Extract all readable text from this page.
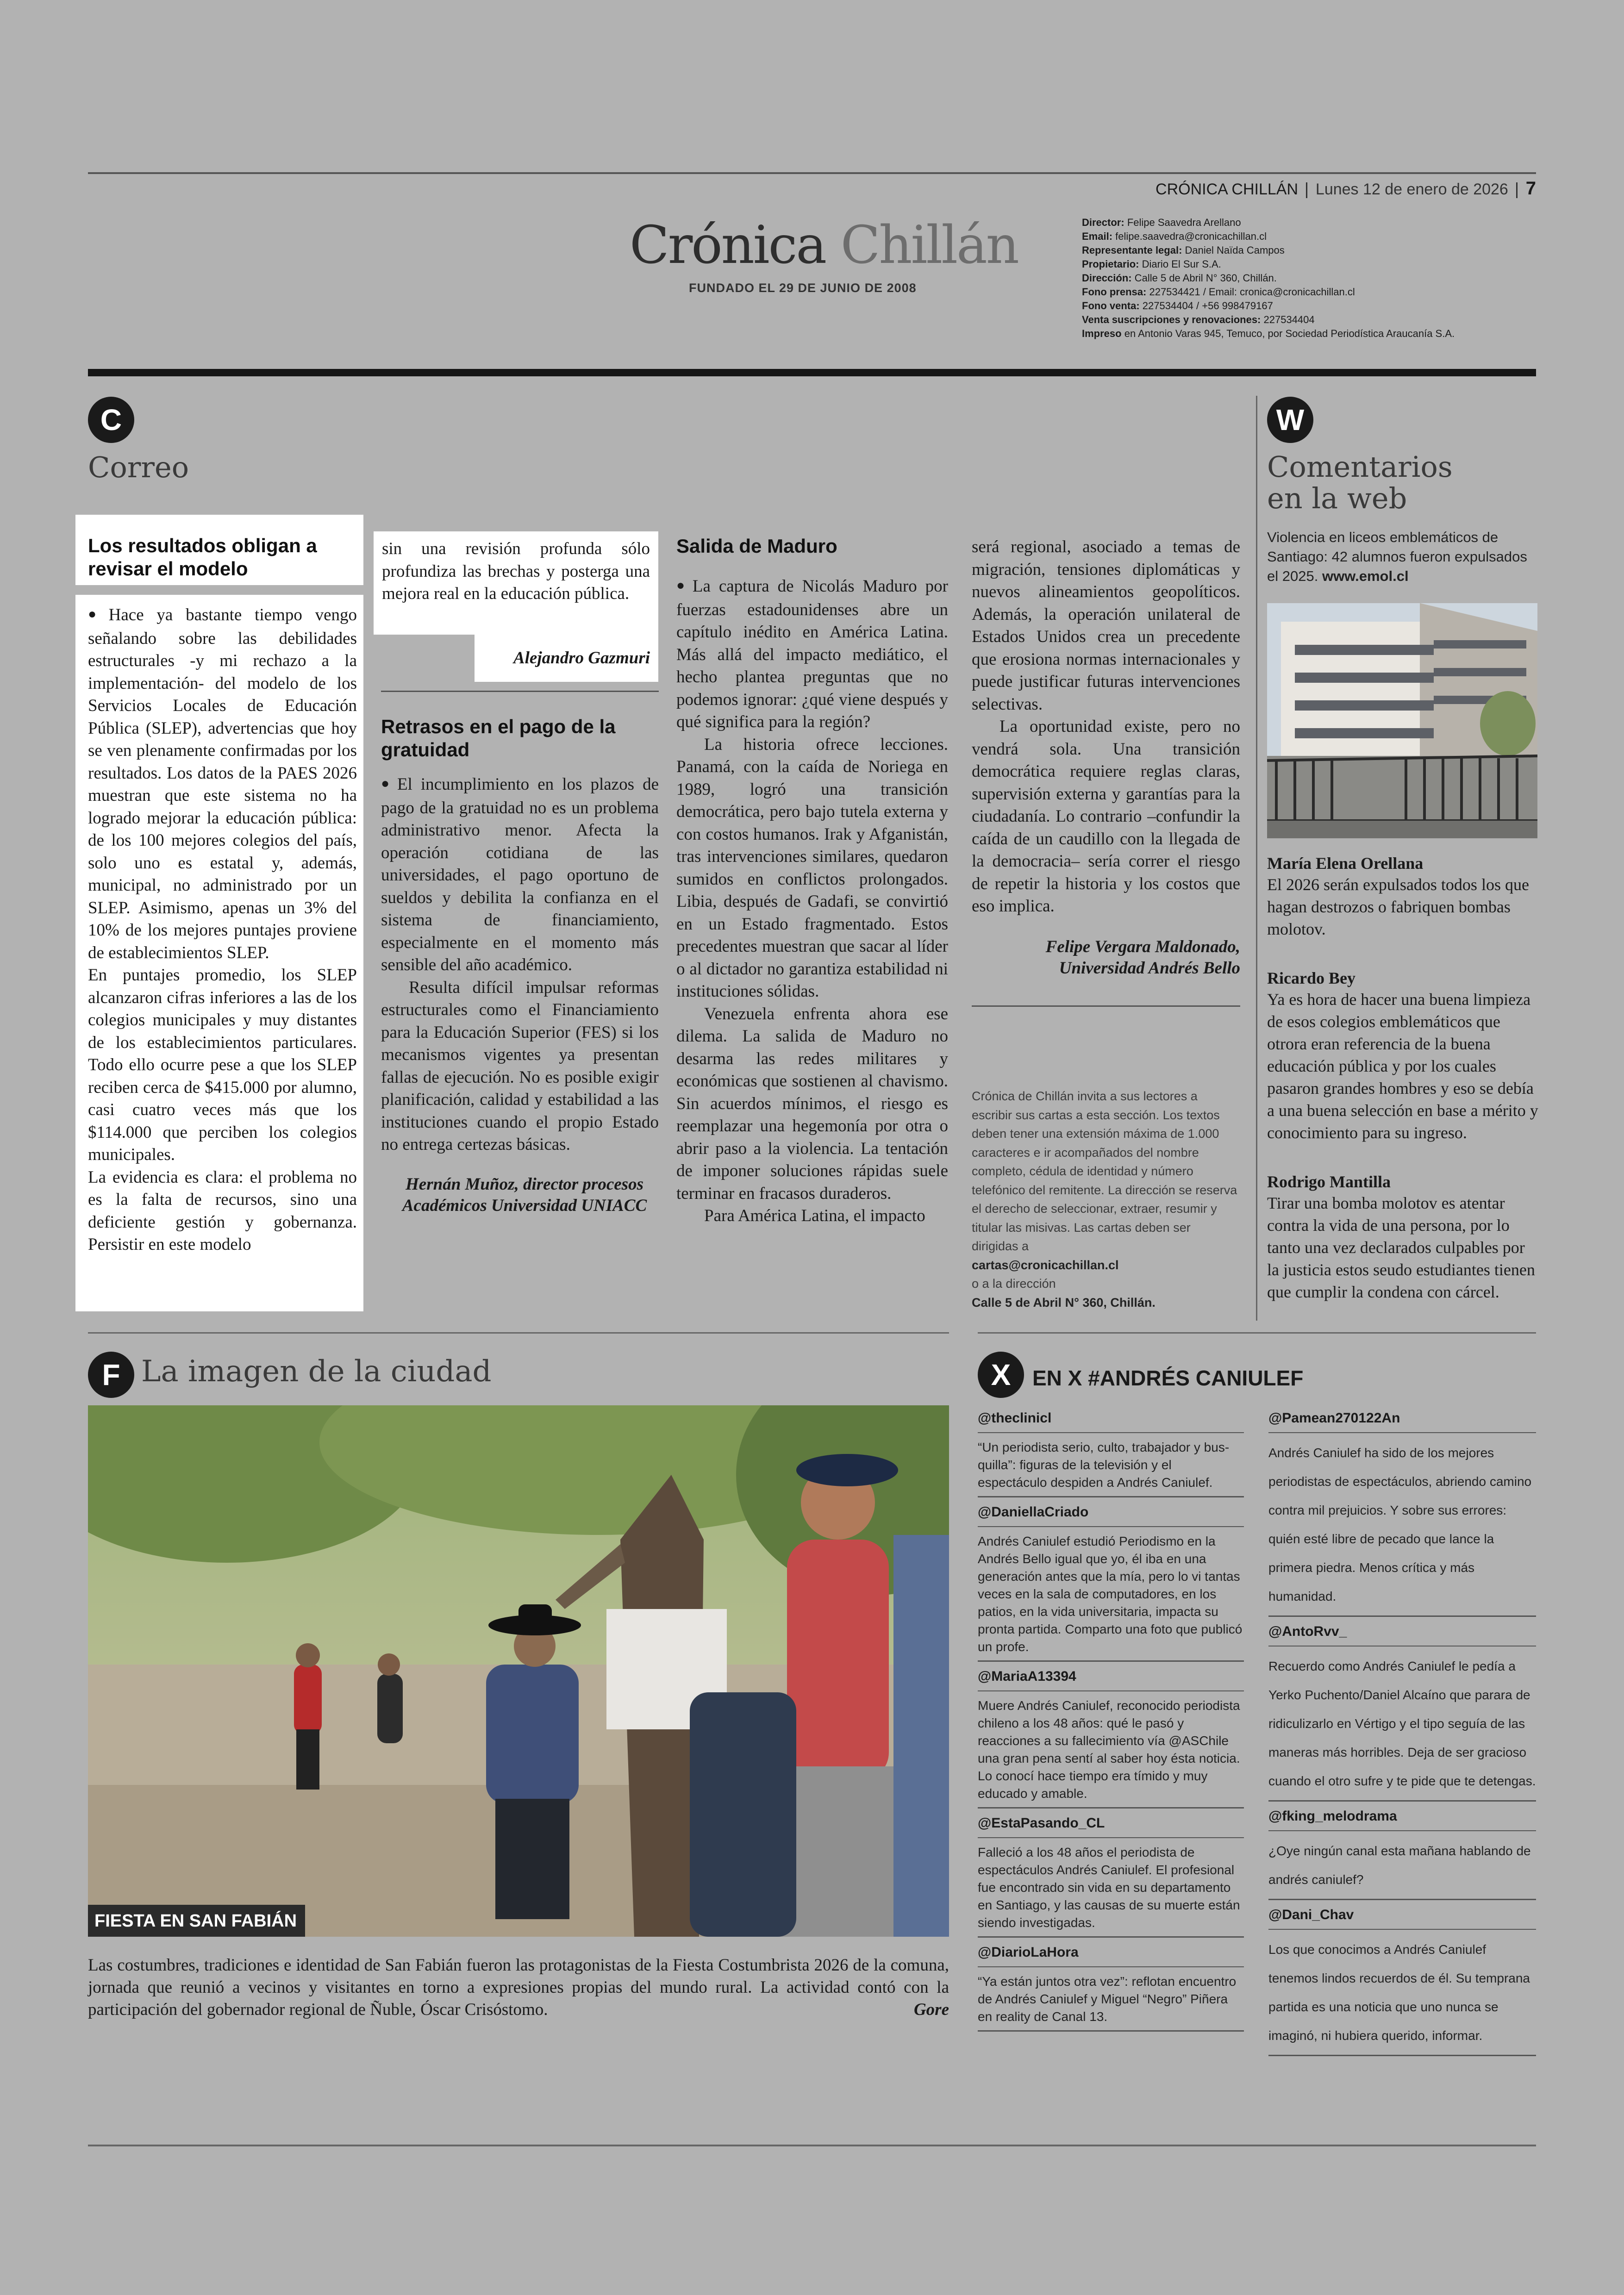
CRÓNICA CHILLÁN Lunes 12 de enero de 2026 7
Crónica Chillán
FUNDADO EL 29 DE JUNIO DE 2008
Director: Felipe Saavedra Arellano
Email: felipe.saavedra@cronicachillan.cl
Representante legal: Daniel Naïda Campos
Propietario: Diario El Sur S.A.
Dirección: Calle 5 de Abril N° 360, Chillán.
Fono prensa: 227534421 / Email: cronica@cronicachillan.cl
Fono venta: 227534404 / +56 998479167
Venta suscripciones y renovaciones: 227534404
Impreso en Antonio Varas 945, Temuco, por Sociedad Periodística Araucanía S.A.
C
Correo
Los resultados obligan a revisar el modelo

● Hace ya bastante tiempo vengo señalando sobre las debilidades estructurales -y mi rechazo a la implementación- del modelo de los Servicios Locales de Educación Pública (SLEP), advertencias que hoy se ven plenamente confirmadas por los resultados. Los datos de la PAES 2026 muestran que este sistema no ha logrado mejorar la educación pública: de los 100 mejores colegios del país, solo uno es estatal y, además, municipal, no administrado por un SLEP. Asimismo, apenas un 3% del 10% de los mejores puntajes proviene de establecimientos SLEP.

En puntajes promedio, los SLEP alcanzaron cifras inferiores a las de los colegios municipales y muy distantes de los establecimientos particulares. Todo ello ocurre pese a que los SLEP reciben cerca de $415.000 por alumno, casi cuatro veces más que los $114.000 que perciben los colegios municipales.

La evidencia es clara: el problema no es la falta de recursos, sino una deficiente gestión y gobernanza. Persistir en este modelo

sin una revisión profunda sólo profundiza las brechas y posterga una mejora real en la educación pública.

Alejandro Gazmuri
Retrasos en el pago de la gratuidad

● El incumplimiento en los plazos de pago de la gratuidad no es un problema administrativo menor. Afecta la operación cotidiana de las universidades, el pago oportuno de sueldos y debilita la confianza en el sistema de financiamiento, especialmente en el momento más sensible del año académico.

Resulta difícil impulsar reformas estructurales como el Financiamiento para la Educación Superior (FES) si los mecanismos vigentes ya presentan fallas de ejecución. No es posible exigir planificación, calidad y estabilidad a las instituciones cuando el propio Estado no entrega certezas básicas.

Hernán Muñoz, director procesos
Académicos Universidad UNIACC
Salida de Maduro

● La captura de Nicolás Maduro por fuerzas estadounidenses abre un capítulo inédito en América Latina. Más allá del impacto mediático, el hecho plantea preguntas que no podemos ignorar: ¿qué viene después y qué significa para la región?

La historia ofrece lecciones. Panamá, con la caída de Noriega en 1989, logró una transición democrática, pero bajo tutela externa y con costos humanos. Irak y Afganistán, tras intervenciones similares, quedaron sumidos en conflictos prolongados. Libia, después de Gadafi, se convirtió en un Estado fragmentado. Estos precedentes muestran que sacar al líder o al dictador no garantiza estabilidad ni instituciones sólidas.

Venezuela enfrenta ahora ese dilema. La salida de Maduro no desarma las redes militares y económicas que sostienen al chavismo. Sin acuerdos mínimos, el riesgo es reemplazar una hegemonía por otra o abrir paso a la violencia. La tentación de imponer soluciones rápidas suele terminar en fracasos duraderos.

Para América Latina, el impacto

será regional, asociado a temas de migración, tensiones diplomáticas y nuevos alineamientos geopolíticos. Además, la operación unilateral de Estados Unidos crea un precedente que erosiona normas internacionales y puede justificar futuras intervenciones selectivas.

La oportunidad existe, pero no vendrá sola. Una transición democrática requiere reglas claras, supervisión externa y garantías para la ciudadanía. Lo contrario –confundir la caída de un caudillo con la llegada de la democracia– sería correr el riesgo de repetir la historia y los costos que eso implica.

Felipe Vergara Maldonado,
Universidad Andrés Bello
Crónica de Chillán invita a sus lectores a escribir sus cartas a esta sección. Los textos deben tener una extensión máxima de 1.000 caracteres e ir acompañados del nombre completo, cédula de identidad y número telefónico del remitente. La dirección se reserva el derecho de seleccionar, extraer, resumir y titular las misivas. Las cartas deben ser dirigidas a
cartas@cronicachillan.cl
o a la dirección
Calle 5 de Abril N° 360, Chillán.
W
Comentarios
en la web
Violencia en liceos emblemáticos de Santiago: 42 alumnos fueron expulsados el 2025. www.emol.cl
María Elena Orellana
El 2026 serán expulsados todos los que hagan destrozos o fabriquen bombas molotov.
Ricardo Bey
Ya es hora de hacer una buena limpieza de esos colegios emblemáticos que otrora eran referencia de la buena educación pública y por los cuales pasaron grandes hombres y eso se debía a una buena selección en base a mérito y conocimiento para su ingreso.
Rodrigo Mantilla
Tirar una bomba molotov es atentar contra la vida de una persona, por lo tanto una vez declarados culpables por la justicia estos seudo estudiantes tienen que cumplir la condena con cárcel.
F La imagen de la ciudad
FIESTA EN SAN FABIÁN
Las costumbres, tradiciones e identidad de San Fabián fueron las protagonistas de la Fiesta Costumbrista 2026 de la comuna, jornada que reunió a vecinos y visitantes en torno a expresiones propias del mundo rural. La actividad contó con la participación del gobernador regional de Ñuble, Óscar Crisóstomo.	Gore
X	EN X #ANDRÉS CANIULEF
@theclinicl
“Un periodista serio, culto, trabajador y bus-quilla”: figuras de la televisión y el espectáculo despiden a Andrés Caniulef.
@DaniellaCriado
Andrés Caniulef estudió Periodismo en la Andrés Bello igual que yo, él iba en una generación antes que la mía, pero lo vi tantas veces en la sala de computadores, en los patios, en la vida universitaria, impacta su pronta partida. Comparto una foto que publicó un profe.
@MariaA13394
Muere Andrés Caniulef, reconocido periodista chileno a los 48 años: qué le pasó y reacciones a su fallecimiento vía @ASChile una gran pena sentí al saber hoy ésta noticia. Lo conocí hace tiempo era tímido y muy educado y amable.
@EstaPasando_CL
Falleció a los 48 años el periodista de espectáculos Andrés Caniulef. El profesional fue encontrado sin vida en su departamento en Santiago, y las causas de su muerte están siendo investigadas.
@DiarioLaHora
“Ya están juntos otra vez”: reflotan encuentro de Andrés Caniulef y Miguel “Negro” Piñera en reality de Canal 13.
@Pamean270122An
Andrés Caniulef ha sido de los mejores periodistas de espectáculos, abriendo camino contra mil prejuicios. Y sobre sus errores: quién esté libre de pecado que lance la primera piedra. Menos crítica y más humanidad.
@AntoRvv_
Recuerdo como Andrés Caniulef le pedía a Yerko Puchento/Daniel Alcaíno que parara de ridiculizarlo en Vértigo y el tipo seguía de las maneras más horribles. Deja de ser gracioso cuando el otro sufre y te pide que te detengas.
@fking_melodrama
¿Oye ningún canal esta mañana hablando de andrés caniulef?
@Dani_Chav
Los que conocimos a Andrés Caniulef tenemos lindos recuerdos de él. Su temprana partida es una noticia que uno nunca se imaginó, ni hubiera querido, informar.
